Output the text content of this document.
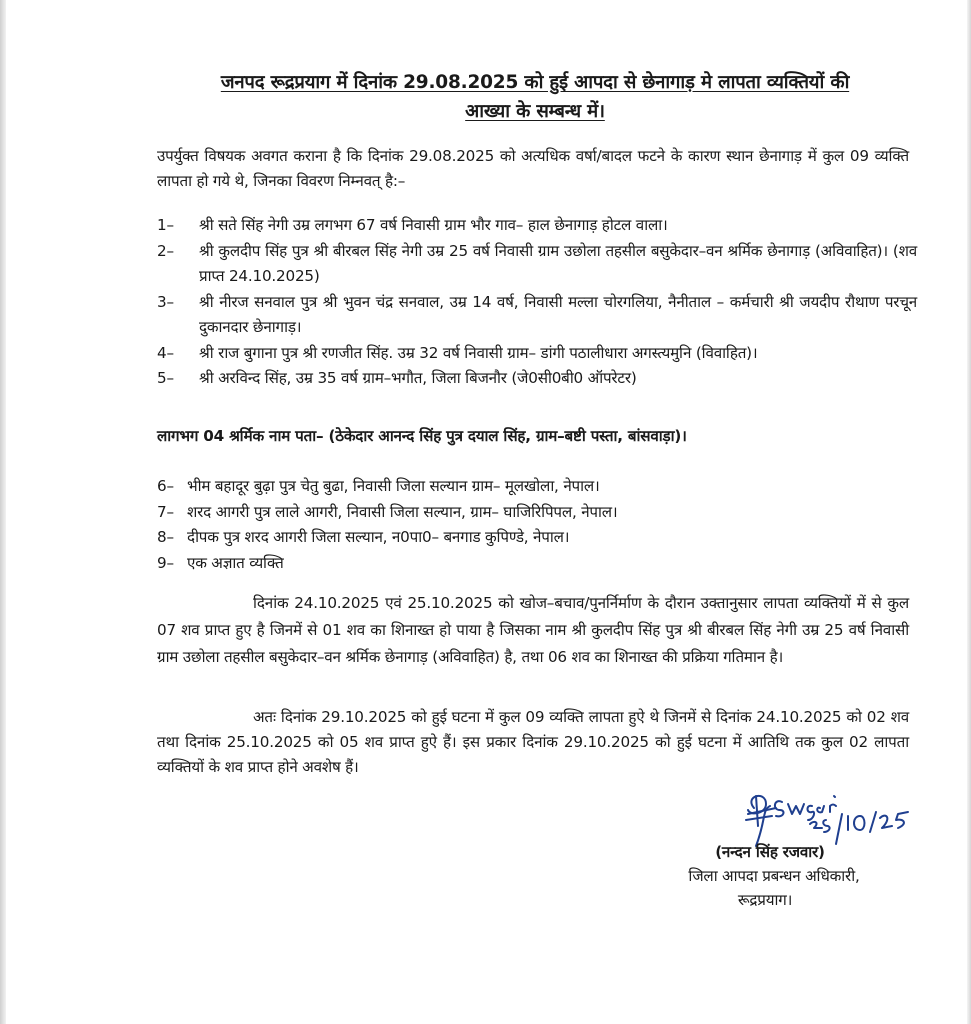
जनपद रूद्रप्रयाग में दिनांक 29.08.2025 को हुई आपदा से छेनागाड़ मे लापता व्यक्तियों की
आख्या के सम्बन्ध में।

उपर्युक्त विषयक अवगत कराना है कि दिनांक 29.08.2025 को अत्यधिक वर्षा/बादल फटने के कारण स्थान छेनागाड़ में कुल 09 व्यक्ति लापता हो गये थे, जिनका विवरण निम्नवत् है:–

1–	श्री सते सिंह नेगी उम्र लगभग 67 वर्ष निवासी ग्राम भौर गाव– हाल छेनागाड़ होटल वाला।
2–	श्री कुलदीप सिंह पुत्र श्री बीरबल सिंह नेगी उम्र 25 वर्ष निवासी ग्राम उछोला तहसील बसुकेदार–वन श्रर्मिक छेनागाड़ (अविवाहित)। (शव प्राप्त 24.10.2025)
3–	श्री नीरज सनवाल पुत्र श्री भुवन चंद्र सनवाल, उम्र 14 वर्ष, निवासी मल्ला चोरगलिया, नैनीताल – कर्मचारी श्री जयदीप रौथाण परचून दुकानदार छेनागाड़।
4–	श्री राज बुगाना पुत्र श्री रणजीत सिंह. उम्र 32 वर्ष निवासी ग्राम– डांगी पठालीधारा अगस्त्यमुनि (विवाहित)।
5–	श्री अरविन्द सिंह, उम्र 35 वर्ष ग्राम–भगौत, जिला बिजनौर (जे0सी0बी0 ऑपरेटर)
लागभग 04 श्रर्मिक नाम पता– (ठेकेदार आनन्द सिंह पुत्र दयाल सिंह, ग्राम–बष्टी पस्ता, बांसवाड़ा)।
6– भीम बहादूर बुढ़ा पुत्र चेतु बुढा, निवासी जिला सल्यान ग्राम– मूलखोला, नेपाल।
7– शरद आगरी पुत्र लाले आगरी, निवासी जिला सल्यान, ग्राम– घाजिरिपिपल, नेपाल।
8– दीपक पुत्र शरद आगरी जिला सल्यान, न0पा0– बनगाड कुपिण्डे, नेपाल।
9– एक अज्ञात व्यक्ति

दिनांक 24.10.2025 एवं 25.10.2025 को खोज–बचाव/पुनर्निर्माण के दौरान उक्तानुसार लापता व्यक्तियों में से कुल 07 शव प्राप्त हुए है जिनमें से 01 शव का शिनाख्त हो पाया है जिसका नाम श्री कुलदीप सिंह पुत्र श्री बीरबल सिंह नेगी उम्र 25 वर्ष निवासी ग्राम उछोला तहसील बसुकेदार–वन श्रर्मिक छेनागाड़ (अविवाहित) है, तथा 06 शव का शिनाख्त की प्रक्रिया गतिमान है।

अतः दिनांक 29.10.2025 को हुई घटना में कुल 09 व्यक्ति लापता हुऐ थे जिनमें से दिनांक 24.10.2025 को 02 शव तथा दिनांक 25.10.2025 को 05 शव प्राप्त हुऐ हैं। इस प्रकार दिनांक 29.10.2025 को हुई घटना में आतिथि तक कुल 02 लापता व्यक्तियों के शव प्राप्त होने अवशेष हैं।

(नन्दन सिंह रजवार)
जिला आपदा प्रबन्धन अधिकारी,
रूद्रप्रयाग।
